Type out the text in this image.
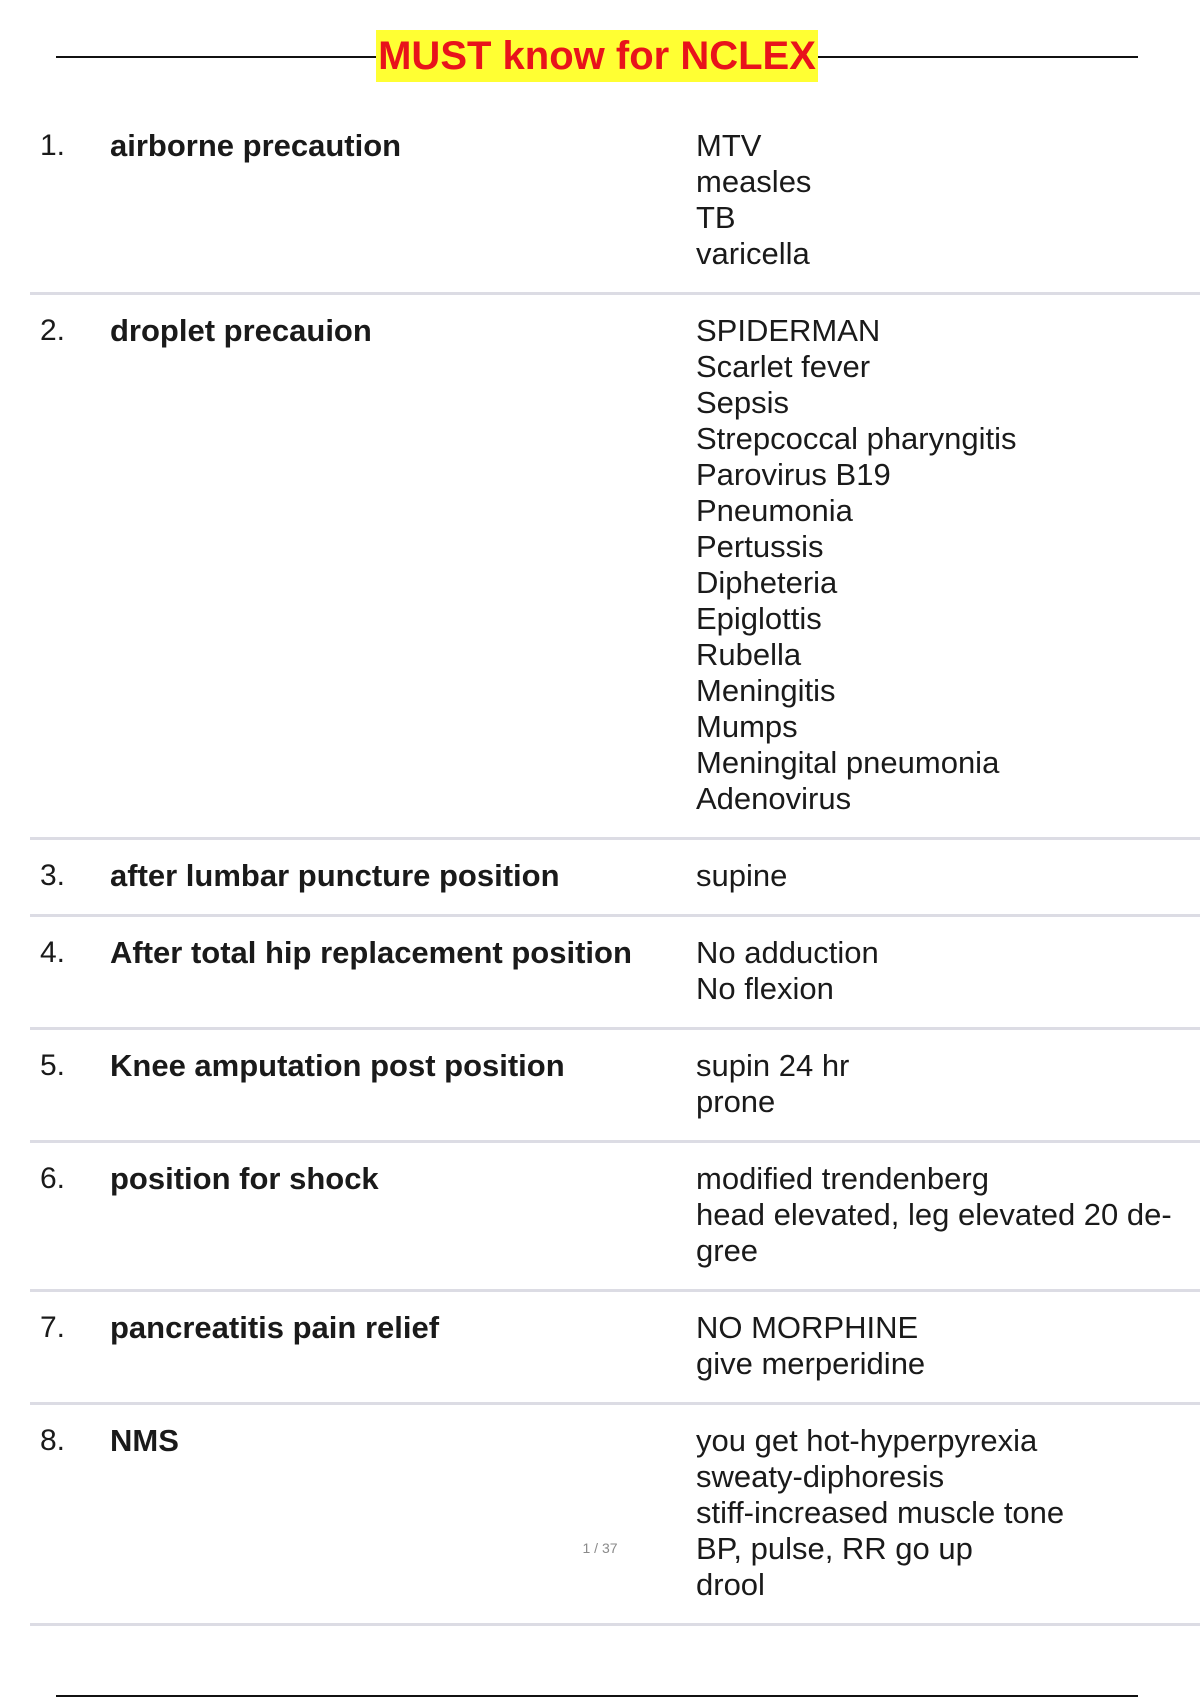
MUST know for NCLEX
1.	airborne precaution	MTV
measles
TB
varicella
2.	droplet precauion	SPIDERMAN
Scarlet fever
Sepsis
Strepcoccal pharyngitis
Parovirus B19
Pneumonia
Pertussis
Dipheteria
Epiglottis
Rubella
Meningitis
Mumps
Meningital pneumonia
Adenovirus
3.	after lumbar puncture position	supine
4.	After total hip replacement position	No adduction
No flexion
5.	Knee amputation post position	supin 24 hr
prone
6.	position for shock	modified trendenberg
head elevated, leg elevated 20 de-
gree
7.	pancreatitis pain relief	NO MORPHINE
give merperidine
8.	NMS	you get hot-hyperpyrexia
sweaty-diphoresis
stiff-increased muscle tone
BP, pulse, RR go up
drool
1 / 37
